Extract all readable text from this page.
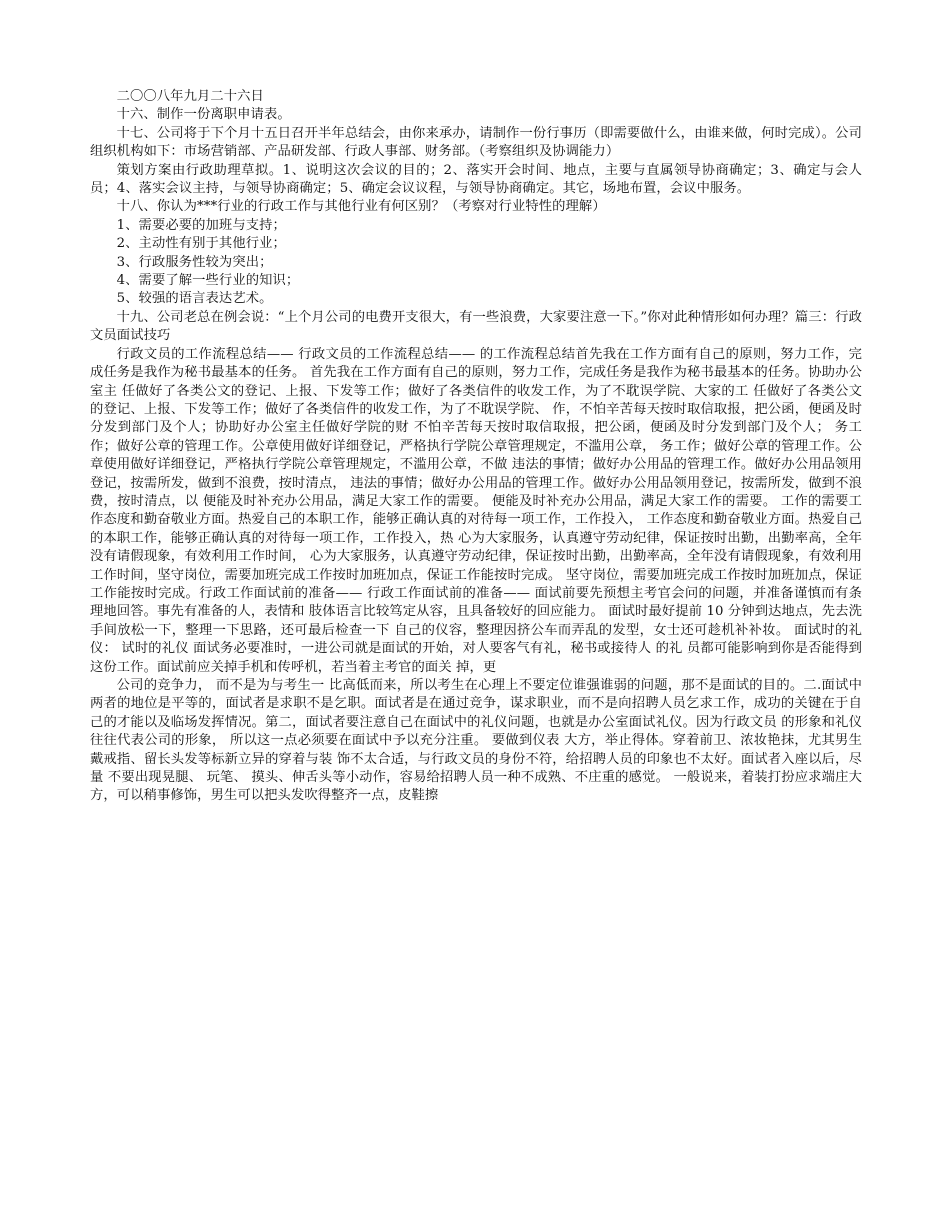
二〇〇八年九月二十六日

十六、制作一份离职申请表。

十七、公司将于下个月十五日召开半年总结会，由你来承办，请制作一份行事历（即需要做什么，由谁来做，何时完成）。公司组织机构如下：市场营销部、产品研发部、行政人事部、财务部。（考察组织及协调能力）

策划方案由行政助理草拟。1、说明这次会议的目的；2、落实开会时间、地点，主要与直属领导协商确定；3、确定与会人员；4、落实会议主持，与领导协商确定；5、确定会议议程，与领导协商确定。其它，场地布置，会议中服务。

十八、你认为***行业的行政工作与其他行业有何区别？（考察对行业特性的理解）

1、需要必要的加班与支持；

2、主动性有别于其他行业；

3、行政服务性较为突出；

4、需要了解一些行业的知识；

5、较强的语言表达艺术。

十九、公司老总在例会说：“上个月公司的电费开支很大，有一些浪费，大家要注意一下。”你对此种情形如何办理？篇三：行政文员面试技巧

行政文员的工作流程总结—— 行政文员的工作流程总结—— 的工作流程总结首先我在工作方面有自己的原则，努力工作，完成任务是我作为秘书最基本的任务。 首先我在工作方面有自己的原则，努力工作，完成任务是我作为秘书最基本的任务。协助办公室主 任做好了各类公文的登记、上报、下发等工作；做好了各类信件的收发工作，为了不耽误学院、大家的工 任做好了各类公文的登记、上报、下发等工作；做好了各类信件的收发工作，为了不耽误学院、 作，不怕辛苦每天按时取信取报，把公函，便函及时分发到部门及个人；协助好办公室主任做好学院的财 不怕辛苦每天按时取信取报，把公函，便函及时分发到部门及个人； 务工作；做好公章的管理工作。公章使用做好详细登记，严格执行学院公章管理规定，不滥用公章， 务工作；做好公章的管理工作。公章使用做好详细登记，严格执行学院公章管理规定，不滥用公章，不做 违法的事情；做好办公用品的管理工作。做好办公用品领用登记，按需所发，做到不浪费，按时清点， 违法的事情；做好办公用品的管理工作。做好办公用品领用登记，按需所发，做到不浪费，按时清点，以 便能及时补充办公用品，满足大家工作的需要。 便能及时补充办公用品，满足大家工作的需要。 工作的需要工作态度和勤奋敬业方面。热爱自己的本职工作，能够正确认真的对待每一项工作，工作投入， 工作态度和勤奋敬业方面。热爱自己的本职工作，能够正确认真的对待每一项工作，工作投入，热 心为大家服务，认真遵守劳动纪律，保证按时出勤，出勤率高，全年没有请假现象，有效利用工作时间， 心为大家服务，认真遵守劳动纪律，保证按时出勤，出勤率高，全年没有请假现象，有效利用工作时间，坚守岗位，需要加班完成工作按时加班加点，保证工作能按时完成。 坚守岗位，需要加班完成工作按时加班加点，保证工作能按时完成。行政工作面试前的准备—— 行政工作面试前的准备—— 面试前要先预想主考官会问的问题，并准备谨慎而有条理地回答。事先有准备的人，表情和 肢体语言比较笃定从容，且具备较好的回应能力。 面试时最好提前 10 分钟到达地点，先去洗手间放松一下，整理一下思路，还可最后检查一下 自己的仪容，整理因挤公车而弄乱的发型，女士还可趁机补补妆。 面试时的礼仪： 试时的礼仪 面试务必要准时，一进公司就是面试的开始，对人要客气有礼，秘书或接待人 的礼 员都可能影响到你是否能得到这份工作。面试前应关掉手机和传呼机，若当着主考官的面关 掉，更

公司的竞争力， 而不是为与考生一 比高低而来，所以考生在心理上不要定位谁强谁弱的问题，那不是面试的目的。二.面试中 两者的地位是平等的，面试者是求职不是乞职。面试者是在通过竞争，谋求职业，而不是向招聘人员乞求工作，成功的关键在于自己的才能以及临场发挥情况。第二，面试者要注意自己在面试中的礼仪问题，也就是办公室面试礼仪。因为行政文员 的形象和礼仪往往代表公司的形象， 所以这一点必须要在面试中予以充分注重。 要做到仪表 大方，举止得体。穿着前卫、浓妆艳抹，尤其男生戴戒指、留长头发等标新立异的穿着与装 饰不太合适，与行政文员的身份不符，给招聘人员的印象也不太好。面试者入座以后，尽量 不要出现晃腿、 玩笔、 摸头、伸舌头等小动作，容易给招聘人员一种不成熟、不庄重的感觉。 一般说来，着装打扮应求端庄大方，可以稍事修饰，男生可以把头发吹得整齐一点，皮鞋擦
